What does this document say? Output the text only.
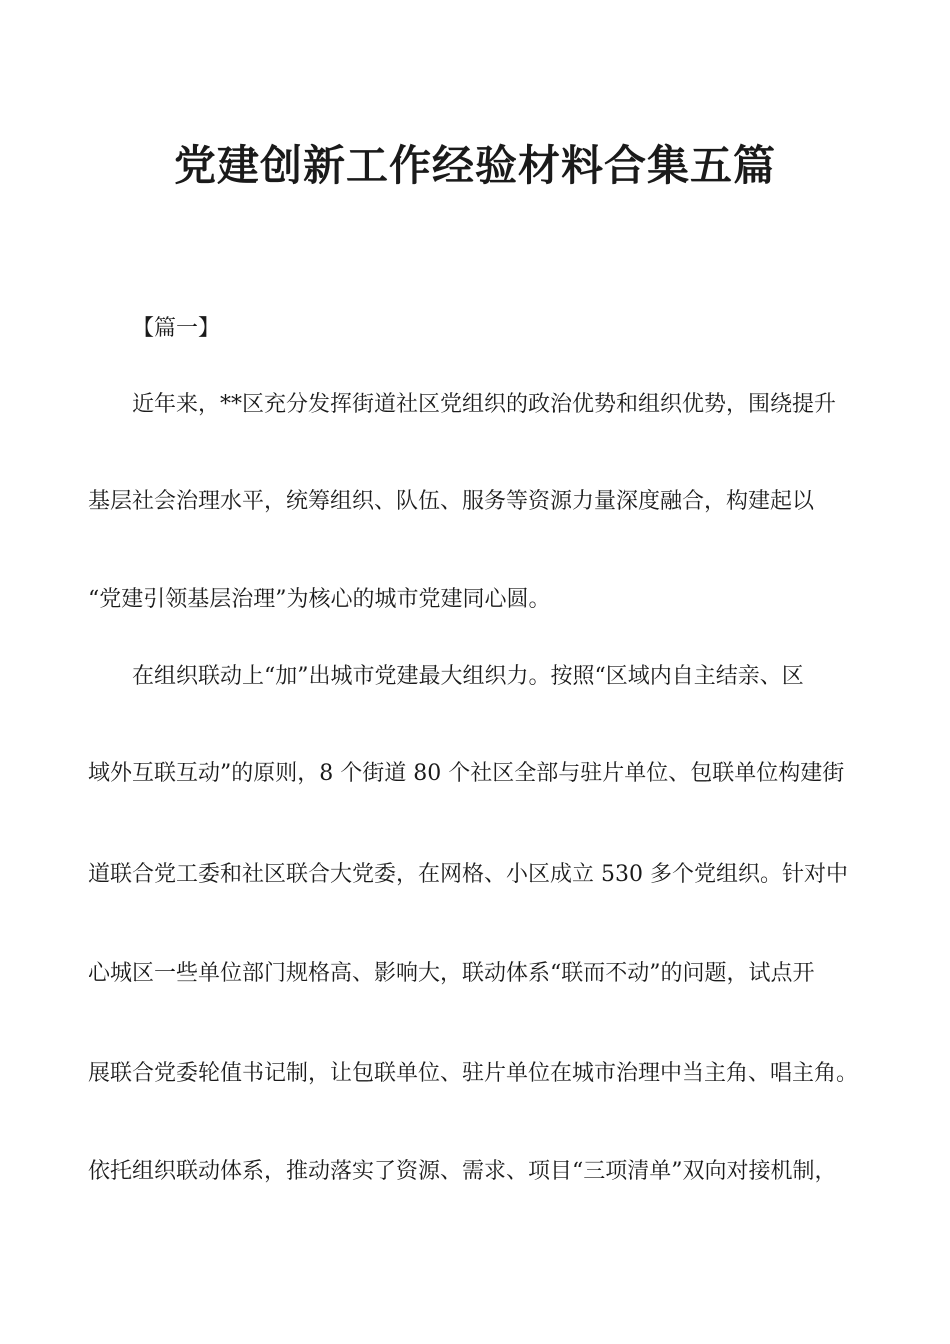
党建创新工作经验材料合集五篇

【篇一】

近年来，**区充分发挥街道社区党组织的政治优势和组织优势，围绕提升

基层社会治理水平，统筹组织、队伍、服务等资源力量深度融合，构建起以

“党建引领基层治理”为核心的城市党建同心圆。

在组织联动上“加”出城市党建最大组织力。按照“区域内自主结亲、区

域外互联互动”的原则，8 个街道 80 个社区全部与驻片单位、包联单位构建街

道联合党工委和社区联合大党委，在网格、小区成立 530 多个党组织。针对中

心城区一些单位部门规格高、影响大，联动体系“联而不动”的问题，试点开

展联合党委轮值书记制，让包联单位、驻片单位在城市治理中当主角、唱主角。

依托组织联动体系，推动落实了资源、需求、项目“三项清单”双向对接机制，
